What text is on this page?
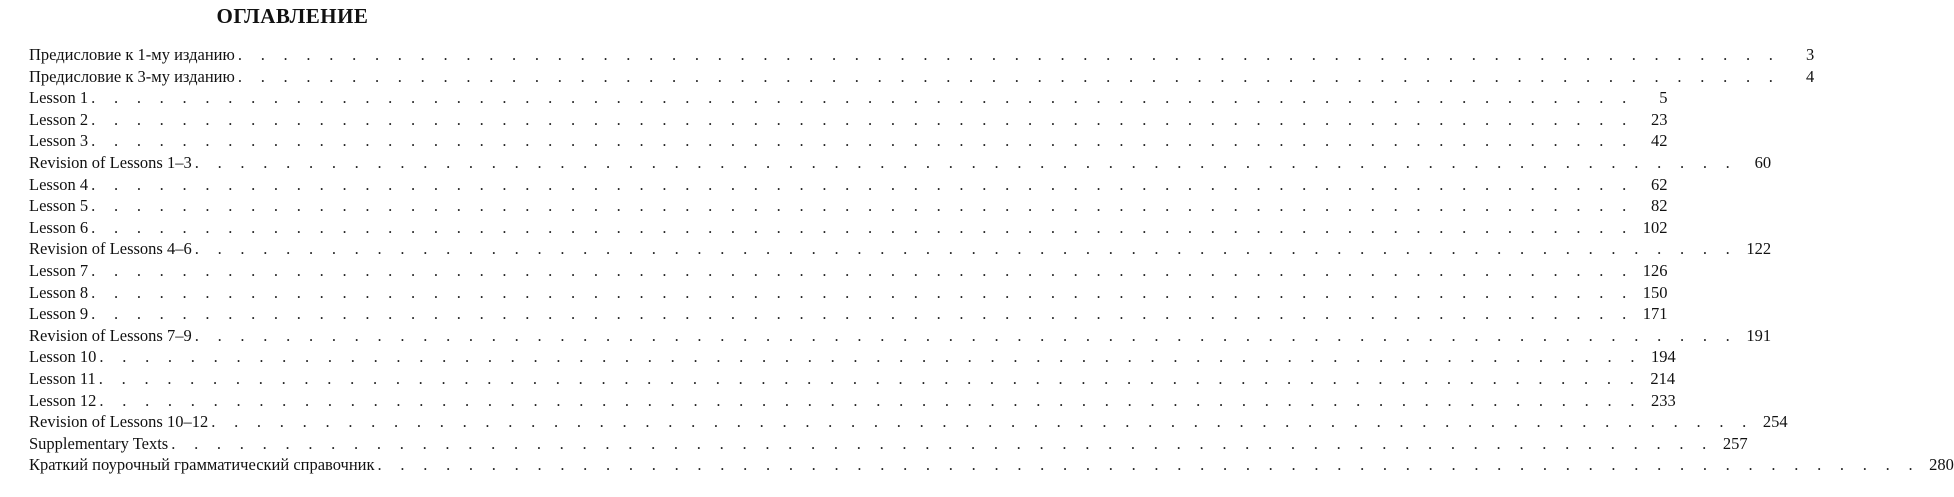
ОГЛАВЛЕНИЕ
Предисловие к 1-му изданию . . . . . . . . . . . . . . . . . . . . . . . . . . . . . . . . . . . . . . . . . . . . . . . . . . . . . . . . . . . . . . . . . . . .	3
Предисловие к 3-му изданию . . . . . . . . . . . . . . . . . . . . . . . . . . . . . . . . . . . . . . . . . . . . . . . . . . . . . . . . . . . . . . . . . . . .	4
Lesson 1 . . . . . . . . . . . . . . . . . . . . . . . . . . . . . . . . . . . . . . . . . . . . . . . . . . . . . . . . . . . . . . . . . . . .	5
Lesson 2 . . . . . . . . . . . . . . . . . . . . . . . . . . . . . . . . . . . . . . . . . . . . . . . . . . . . . . . . . . . . . . . . . . . .	23
Lesson 3 . . . . . . . . . . . . . . . . . . . . . . . . . . . . . . . . . . . . . . . . . . . . . . . . . . . . . . . . . . . . . . . . . . . .	42
Revision of Lessons 1–3 . . . . . . . . . . . . . . . . . . . . . . . . . . . . . . . . . . . . . . . . . . . . . . . . . . . . . . . . . . . . . . . . . . . .	60
Lesson 4 . . . . . . . . . . . . . . . . . . . . . . . . . . . . . . . . . . . . . . . . . . . . . . . . . . . . . . . . . . . . . . . . . . . .	62
Lesson 5 . . . . . . . . . . . . . . . . . . . . . . . . . . . . . . . . . . . . . . . . . . . . . . . . . . . . . . . . . . . . . . . . . . . .	82
Lesson 6 . . . . . . . . . . . . . . . . . . . . . . . . . . . . . . . . . . . . . . . . . . . . . . . . . . . . . . . . . . . . . . . . . . . . 102
Revision of Lessons 4–6 . . . . . . . . . . . . . . . . . . . . . . . . . . . . . . . . . . . . . . . . . . . . . . . . . . . . . . . . . . . . . . . . . . . . 122
Lesson 7 . . . . . . . . . . . . . . . . . . . . . . . . . . . . . . . . . . . . . . . . . . . . . . . . . . . . . . . . . . . . . . . . . . . . 126
Lesson 8 . . . . . . . . . . . . . . . . . . . . . . . . . . . . . . . . . . . . . . . . . . . . . . . . . . . . . . . . . . . . . . . . . . . . 150
Lesson 9 . . . . . . . . . . . . . . . . . . . . . . . . . . . . . . . . . . . . . . . . . . . . . . . . . . . . . . . . . . . . . . . . . . . . 171
Revision of Lessons 7–9 . . . . . . . . . . . . . . . . . . . . . . . . . . . . . . . . . . . . . . . . . . . . . . . . . . . . . . . . . . . . . . . . . . . . 191
Lesson 10 . . . . . . . . . . . . . . . . . . . . . . . . . . . . . . . . . . . . . . . . . . . . . . . . . . . . . . . . . . . . . . . . . . . . 194
Lesson 11 . . . . . . . . . . . . . . . . . . . . . . . . . . . . . . . . . . . . . . . . . . . . . . . . . . . . . . . . . . . . . . . . . . . . 214
Lesson 12 . . . . . . . . . . . . . . . . . . . . . . . . . . . . . . . . . . . . . . . . . . . . . . . . . . . . . . . . . . . . . . . . . . . . 233
Revision of Lessons 10–12 . . . . . . . . . . . . . . . . . . . . . . . . . . . . . . . . . . . . . . . . . . . . . . . . . . . . . . . . . . . . . . . . . . . . 254
Supplementary Texts . . . . . . . . . . . . . . . . . . . . . . . . . . . . . . . . . . . . . . . . . . . . . . . . . . . . . . . . . . . . . . . . . . . . 257
Краткий поурочный грамматический справочник . . . . . . . . . . . . . . . . . . . . . . . . . . . . . . . . . . . . . . . . . . . . . . . . . . . . . . . . . . . . . . . . . . . . 280
